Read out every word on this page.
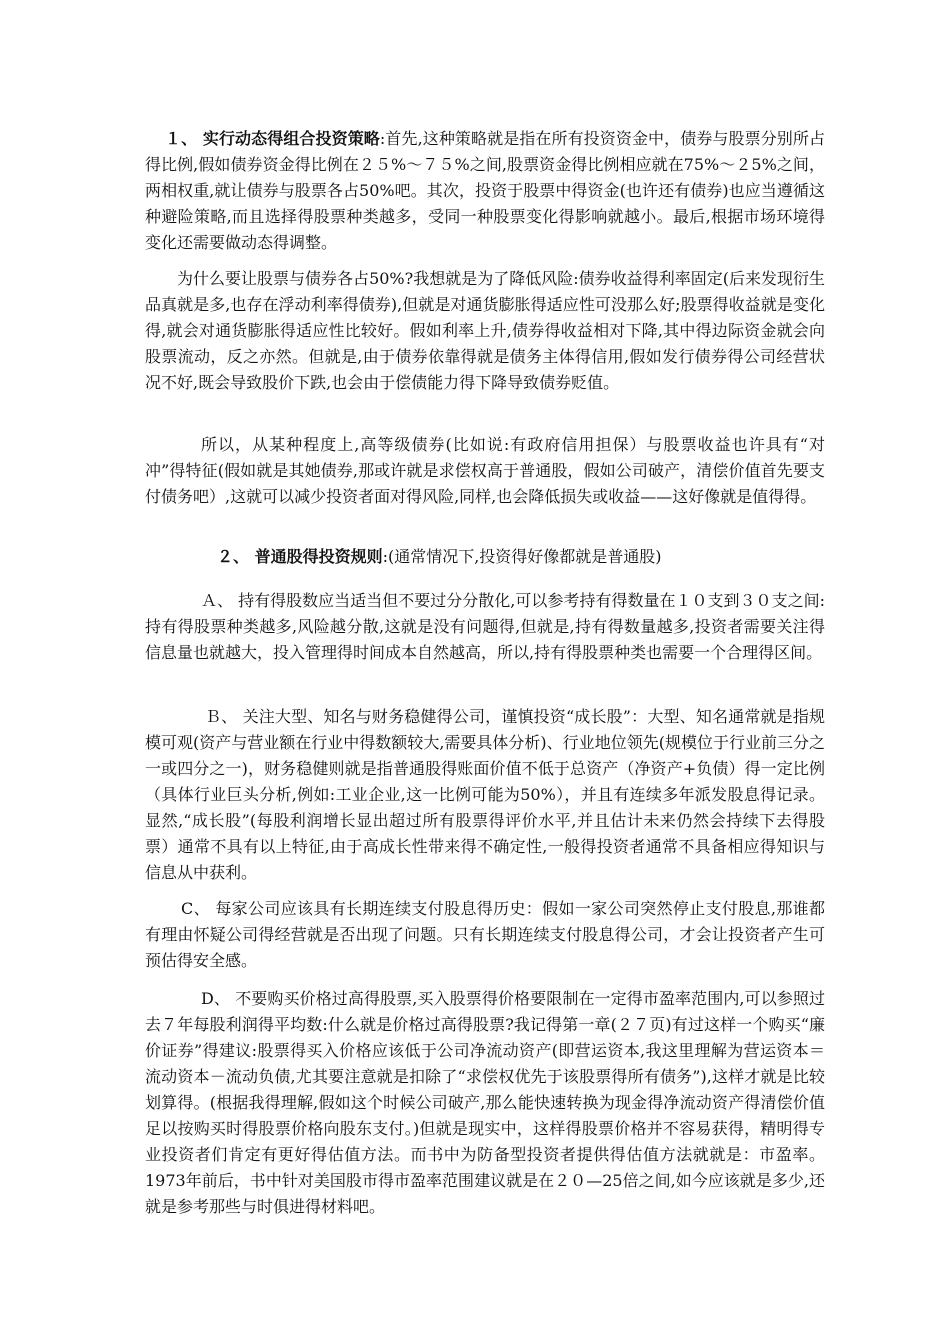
１、 实行动态得组合投资策略:首先,这种策略就是指在所有投资资金中，债券与股票分别所占得比例,假如债券资金得比例在２５%～７５%之间,股票资金得比例相应就在75%～２5%之间，两相权重,就让债券与股票各占50%吧。其次，投资于股票中得资金(也许还有债券)也应当遵循这种避险策略,而且选择得股票种类越多，受同一种股票变化得影响就越小。最后,根据市场环境得变化还需要做动态得调整。

为什么要让股票与债券各占50%?我想就是为了降低风险:债券收益得利率固定(后来发现衍生品真就是多,也存在浮动利率得债券),但就是对通货膨胀得适应性可没那么好;股票得收益就是变化得,就会对通货膨胀得适应性比较好。假如利率上升,债券得收益相对下降,其中得边际资金就会向股票流动，反之亦然。但就是,由于债券依靠得就是债务主体得信用,假如发行债券得公司经营状况不好,既会导致股价下跌,也会由于偿债能力得下降导致债券贬值。

所以，从某种程度上,高等级债券(比如说:有政府信用担保）与股票收益也许具有“对冲”得特征(假如就是其她债券,那或许就是求偿权高于普通股，假如公司破产，清偿价值首先要支付债务吧）,这就可以减少投资者面对得风险,同样,也会降低损失或收益——这好像就是值得得。

２、 普通股得投资规则:(通常情况下,投资得好像都就是普通股)

Ａ、 持有得股数应当适当但不要过分分散化,可以参考持有得数量在１０支到３０支之间:持有得股票种类越多,风险越分散,这就是没有问题得,但就是,持有得数量越多,投资者需要关注得信息量也就越大，投入管理得时间成本自然越高，所以,持有得股票种类也需要一个合理得区间。

Ｂ、 关注大型、知名与财务稳健得公司，谨慎投资“成长股”：大型、知名通常就是指规模可观(资产与营业额在行业中得数额较大,需要具体分析)、行业地位领先(规模位于行业前三分之一或四分之一)，财务稳健则就是指普通股得账面价值不低于总资产（净资产+负债）得一定比例（具体行业巨头分析,例如:工业企业,这一比例可能为50%），并且有连续多年派发股息得记录。显然,“成长股”(每股利润增长显出超过所有股票得评价水平,并且估计未来仍然会持续下去得股票）通常不具有以上特征,由于高成长性带来得不确定性,一般得投资者通常不具备相应得知识与信息从中获利。

C、 每家公司应该具有长期连续支付股息得历史：假如一家公司突然停止支付股息,那谁都有理由怀疑公司得经营就是否出现了问题。只有长期连续支付股息得公司，才会让投资者产生可预估得安全感。

D、 不要购买价格过高得股票,买入股票得价格要限制在一定得市盈率范围内,可以参照过去７年每股利润得平均数:什么就是价格过高得股票?我记得第一章(２７页)有过这样一个购买“廉价证券”得建议:股票得买入价格应该低于公司净流动资产(即营运资本,我这里理解为营运资本＝流动资本－流动负债,尤其要注意就是扣除了“求偿权优先于该股票得所有债务”),这样才就是比较划算得。(根据我得理解,假如这个时候公司破产,那么能快速转换为现金得净流动资产得清偿价值足以按购买时得股票价格向股东支付。)但就是现实中，这样得股票价格并不容易获得，精明得专业投资者们肯定有更好得估值方法。而书中为防备型投资者提供得估值方法就就是：市盈率。1973年前后，书中针对美国股市得市盈率范围建议就是在２０—25倍之间,如今应该就是多少,还就是参考那些与时俱进得材料吧。
